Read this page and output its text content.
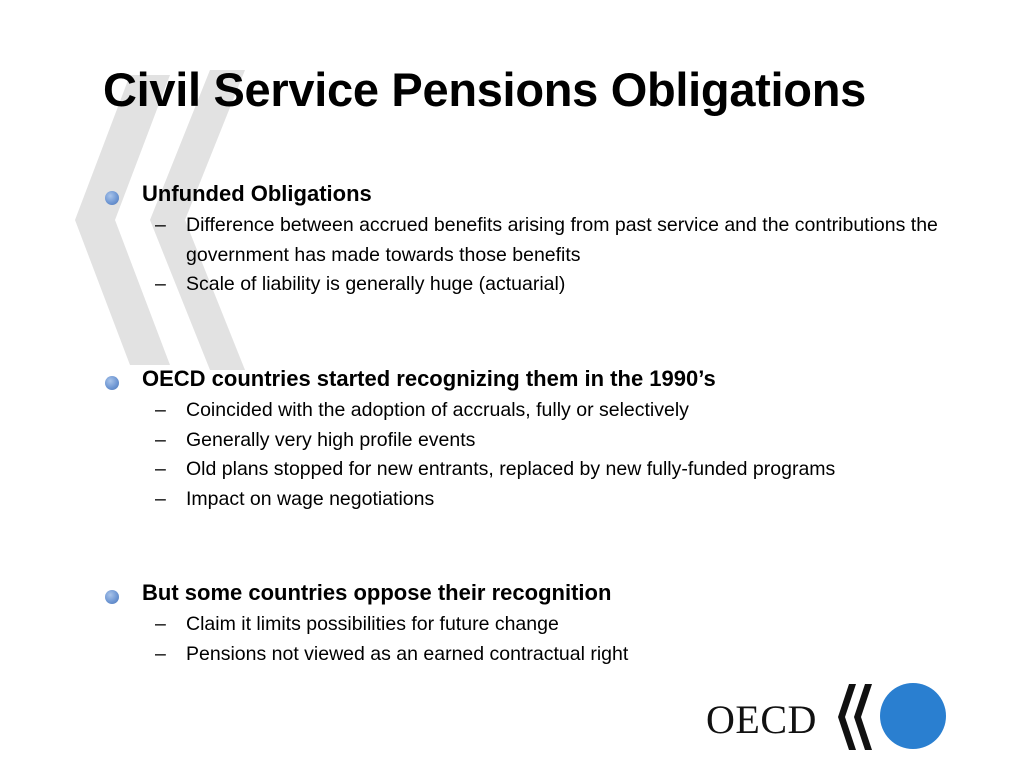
Civil Service Pensions Obligations
Unfunded Obligations
– Difference between accrued benefits arising from past service and the contributions the government has made towards those benefits
– Scale of liability is generally huge (actuarial)
OECD countries started recognizing them in the 1990’s
– Coincided with the adoption of accruals, fully or selectively
– Generally very high profile events
– Old plans stopped for new entrants, replaced by new fully-funded programs
– Impact on wage negotiations
But some countries oppose their recognition
– Claim it limits possibilities for future change
– Pensions not viewed as an earned contractual right
OECD
